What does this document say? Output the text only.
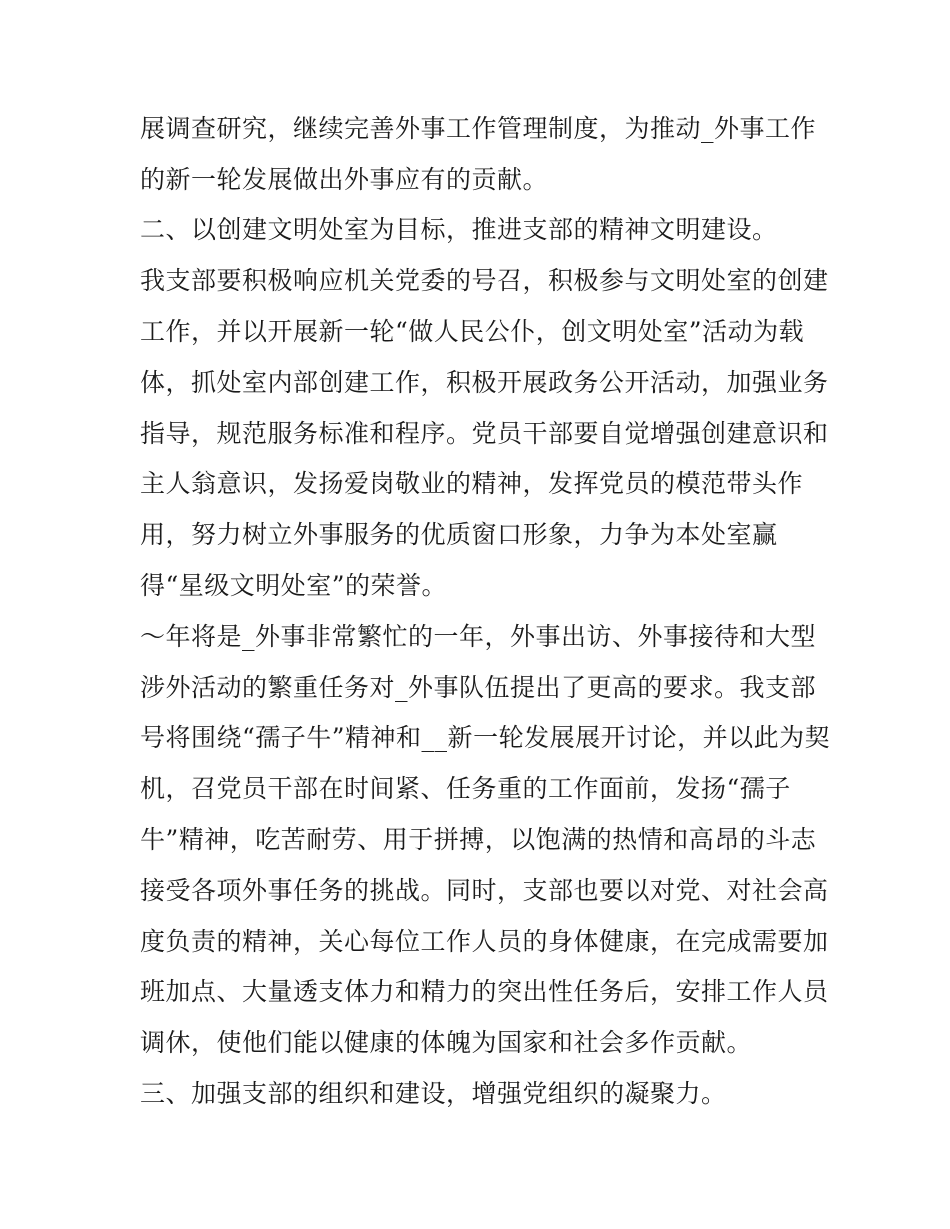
展调查研究，继续完善外事工作管理制度，为推动_外事工作
的新一轮发展做出外事应有的贡献。
二、以创建文明处室为目标，推进支部的精神文明建设。
我支部要积极响应机关党委的号召，积极参与文明处室的创建
工作，并以开展新一轮“做人民公仆，创文明处室”活动为载
体，抓处室内部创建工作，积极开展政务公开活动，加强业务
指导，规范服务标准和程序。党员干部要自觉增强创建意识和
主人翁意识，发扬爱岗敬业的精神，发挥党员的模范带头作
用，努力树立外事服务的优质窗口形象，力争为本处室赢
得“星级文明处室”的荣誉。
～年将是_外事非常繁忙的一年，外事出访、外事接待和大型
涉外活动的繁重任务对_外事队伍提出了更高的要求。我支部
号将围绕“孺子牛”精神和__新一轮发展展开讨论，并以此为契
机，召党员干部在时间紧、任务重的工作面前，发扬“孺子
牛”精神，吃苦耐劳、用于拼搏，以饱满的热情和高昂的斗志
接受各项外事任务的挑战。同时，支部也要以对党、对社会高
度负责的精神，关心每位工作人员的身体健康，在完成需要加
班加点、大量透支体力和精力的突出性任务后，安排工作人员
调休，使他们能以健康的体魄为国家和社会多作贡献。
三、加强支部的组织和建设，增强党组织的凝聚力。
